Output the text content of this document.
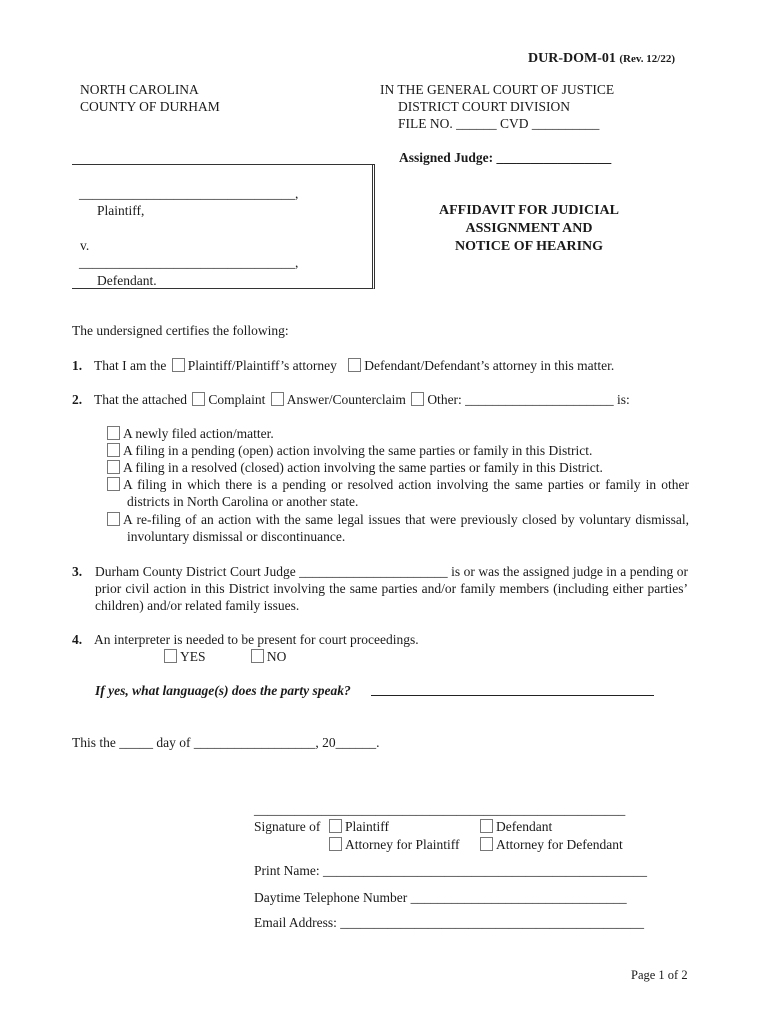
DUR-DOM-01 (Rev. 12/22)
NORTH CAROLINA
COUNTY OF DURHAM
IN THE GENERAL COURT OF JUSTICE
DISTRICT COURT DIVISION
FILE NO. ______ CVD __________
Assigned Judge: _________________
________________________________,
Plaintiff,
v.
________________________________,
Defendant.
AFFIDAVIT FOR JUDICIAL
ASSIGNMENT AND
NOTICE OF HEARING
The undersigned certifies the following:
1. That I am the Plaintiff/Plaintiff’s attorney Defendant/Defendant’s attorney in this matter.
2. That the attached Complaint Answer/Counterclaim Other: ______________________ is:
A newly filed action/matter.
A filing in a pending (open) action involving the same parties or family in this District.
A filing in a resolved (closed) action involving the same parties or family in this District.
A filing in which there is a pending or resolved action involving the same parties or family in other districts in North Carolina or another state.
A re-filing of an action with the same legal issues that were previously closed by voluntary dismissal, involuntary dismissal or discontinuance.
3. Durham County District Court Judge ______________________ is or was the assigned judge in a pending or prior civil action in this District involving the same parties and/or family members (including either parties’ children) and/or related family issues.
4. An interpreter is needed to be present for court proceedings.
YES	NO
If yes, what language(s) does the party speak?
This the _____ day of __________________, 20______.
_______________________________________________________
Signature of	Plaintiff	Defendant
Attorney for Plaintiff	Attorney for Defendant
Print Name: ________________________________________________
Daytime Telephone Number ________________________________
Email Address: _____________________________________________
Page 1 of 2
